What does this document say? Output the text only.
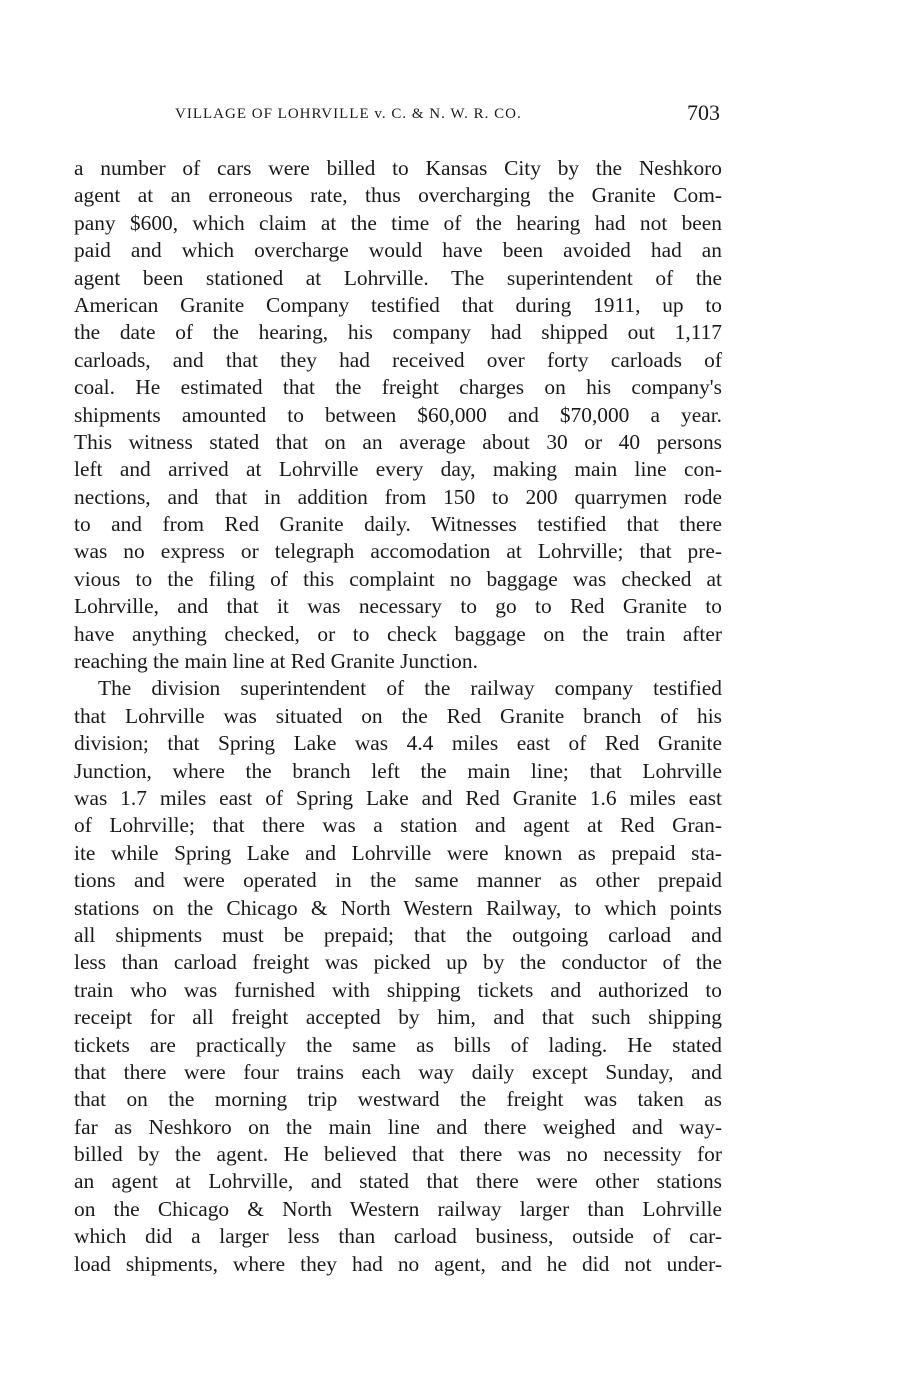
VILLAGE OF LOHRVILLE v. C. & N. W. R. CO.	703
a number of cars were billed to Kansas City by the Neshkoro
agent at an erroneous rate, thus overcharging the Granite Com-
pany $600, which claim at the time of the hearing had not been
paid and which overcharge would have been avoided had an
agent been stationed at Lohrville. The superintendent of the
American Granite Company testified that during 1911, up to
the date of the hearing, his company had shipped out 1,117
carloads, and that they had received over forty carloads of
coal. He estimated that the freight charges on his company's
shipments amounted to between $60,000 and $70,000 a year.
This witness stated that on an average about 30 or 40 persons
left and arrived at Lohrville every day, making main line con-
nections, and that in addition from 150 to 200 quarrymen rode
to and from Red Granite daily. Witnesses testified that there
was no express or telegraph accomodation at Lohrville; that pre-
vious to the filing of this complaint no baggage was checked at
Lohrville, and that it was necessary to go to Red Granite to
have anything checked, or to check baggage on the train after
reaching the main line at Red Granite Junction.
The division superintendent of the railway company testified
that Lohrville was situated on the Red Granite branch of his
division; that Spring Lake was 4.4 miles east of Red Granite
Junction, where the branch left the main line; that Lohrville
was 1.7 miles east of Spring Lake and Red Granite 1.6 miles east
of Lohrville; that there was a station and agent at Red Gran-
ite while Spring Lake and Lohrville were known as prepaid sta-
tions and were operated in the same manner as other prepaid
stations on the Chicago & North Western Railway, to which points
all shipments must be prepaid; that the outgoing carload and
less than carload freight was picked up by the conductor of the
train who was furnished with shipping tickets and authorized to
receipt for all freight accepted by him, and that such shipping
tickets are practically the same as bills of lading. He stated
that there were four trains each way daily except Sunday, and
that on the morning trip westward the freight was taken as
far as Neshkoro on the main line and there weighed and way-
billed by the agent. He believed that there was no necessity for
an agent at Lohrville, and stated that there were other stations
on the Chicago & North Western railway larger than Lohrville
which did a larger less than carload business, outside of car-
load shipments, where they had no agent, and he did not under-
